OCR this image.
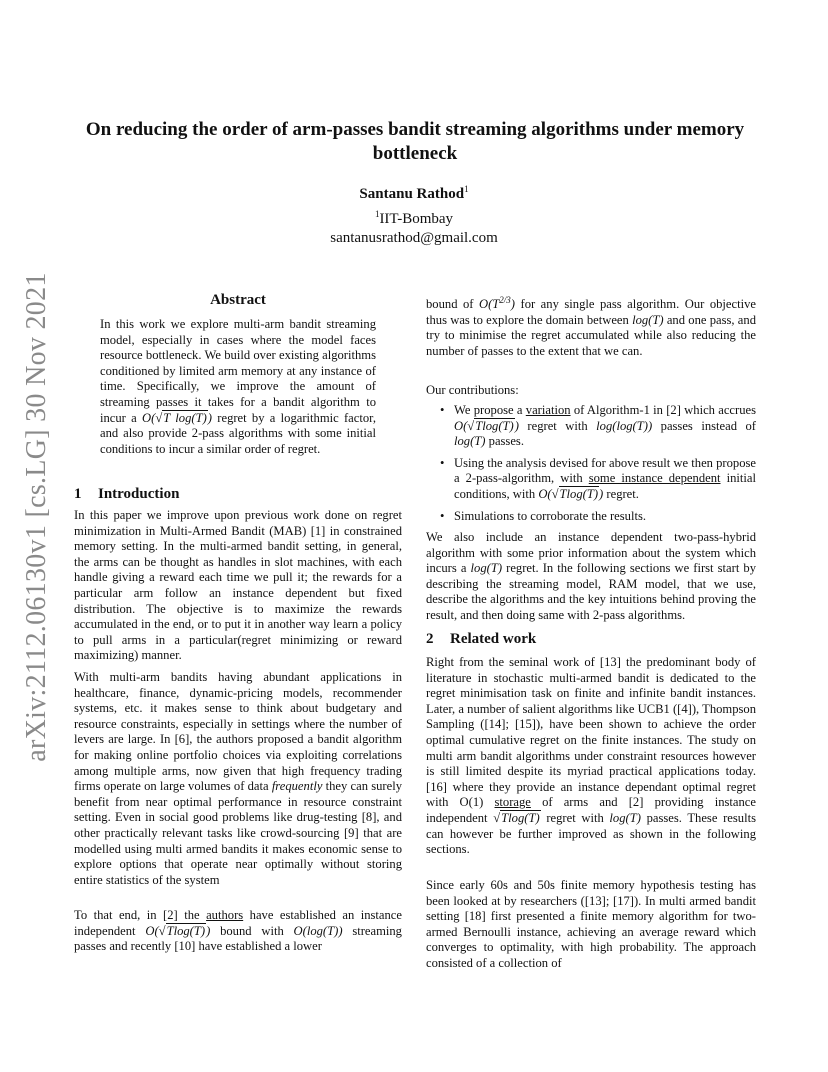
arXiv:2112.06130v1 [cs.LG] 30 Nov 2021
On reducing the order of arm-passes bandit streaming algorithms under memory bottleneck
Santanu Rathod$^1$
$^1$IIT-Bombay
santanusrathod@gmail.com
Abstract
In this work we explore multi-arm bandit streaming model, especially in cases where the model faces resource bottleneck. We build over existing algorithms conditioned by limited arm memory at any instance of time. Specifically, we improve the amount of streaming passes it takes for a bandit algorithm to incur a O(√T log(T)) regret by a logarithmic factor, and also provide 2-pass algorithms with some initial conditions to incur a similar order of regret.
1 Introduction
In this paper we improve upon previous work done on regret minimization in Multi-Armed Bandit (MAB) [1] in constrained memory setting. In the multi-armed bandit setting, in general, the arms can be thought as handles in slot machines, with each handle giving a reward each time we pull it; the rewards for a particular arm follow an instance dependent but fixed distribution. The objective is to maximize the rewards accumulated in the end, or to put it in another way learn a policy to pull arms in a particular(regret minimizing or reward maximizing) manner.
With multi-arm bandits having abundant applications in healthcare, finance, dynamic-pricing models, recommender systems, etc. it makes sense to think about budgetary and resource constraints, especially in settings where the number of levers are large. In [6], the authors proposed a bandit algorithm for making online portfolio choices via exploiting correlations among multiple arms, now given that high frequency trading firms operate on large volumes of data frequently they can surely benefit from near optimal performance in resource constraint setting. Even in social good problems like drug-testing [8], and other practically relevant tasks like crowd-sourcing [9] that are modelled using multi armed bandits it makes economic sense to explore options that operate near optimally without storing entire statistics of the system
To that end, in [2] the authors have established an instance independent O(√Tlog(T)) bound with O(log(T)) streaming passes and recently [10] have established a lower
bound of $O(T^{2/3})$ for any single pass algorithm. Our objective thus was to explore the domain between log(T) and one pass, and try to minimise the regret accumulated while also reducing the number of passes to the extent that we can.
Our contributions:
• We propose a variation of Algorithm-1 in [2] which accrues O(√Tlog(T)) regret with log(log(T)) passes instead of log(T) passes.
• Using the analysis devised for above result we then propose a 2-pass-algorithm, with some instance dependent initial conditions, with O(√Tlog(T)) regret.
• Simulations to corroborate the results.
We also include an instance dependent two-pass-hybrid algorithm with some prior information about the system which incurs a log(T) regret. In the following sections we first start by describing the streaming model, RAM model, that we use, describe the algorithms and the key intuitions behind proving the result, and then doing same with 2-pass algorithms.
2 Related work
Right from the seminal work of [13] the predominant body of literature in stochastic multi-armed bandit is dedicated to the regret minimisation task on finite and infinite bandit instances. Later, a number of salient algorithms like UCB1 ([4]), Thompson Sampling ([14]; [15]), have been shown to achieve the order optimal cumulative regret on the finite instances. The study on multi arm bandit algorithms under constraint resources however is still limited despite its myriad practical applications today. [16] where they provide an instance dependant optimal regret with O(1) storage of arms and [2] providing instance independent √Tlog(T) regret with log(T) passes. These results can however be further improved as shown in the following sections.
Since early 60s and 50s finite memory hypothesis testing has been looked at by researchers ([13]; [17]). In multi armed bandit setting [18] first presented a finite memory algorithm for two-armed Bernoulli instance, achieving an average reward which converges to optimality, with high probability. The approach consisted of a collection of
